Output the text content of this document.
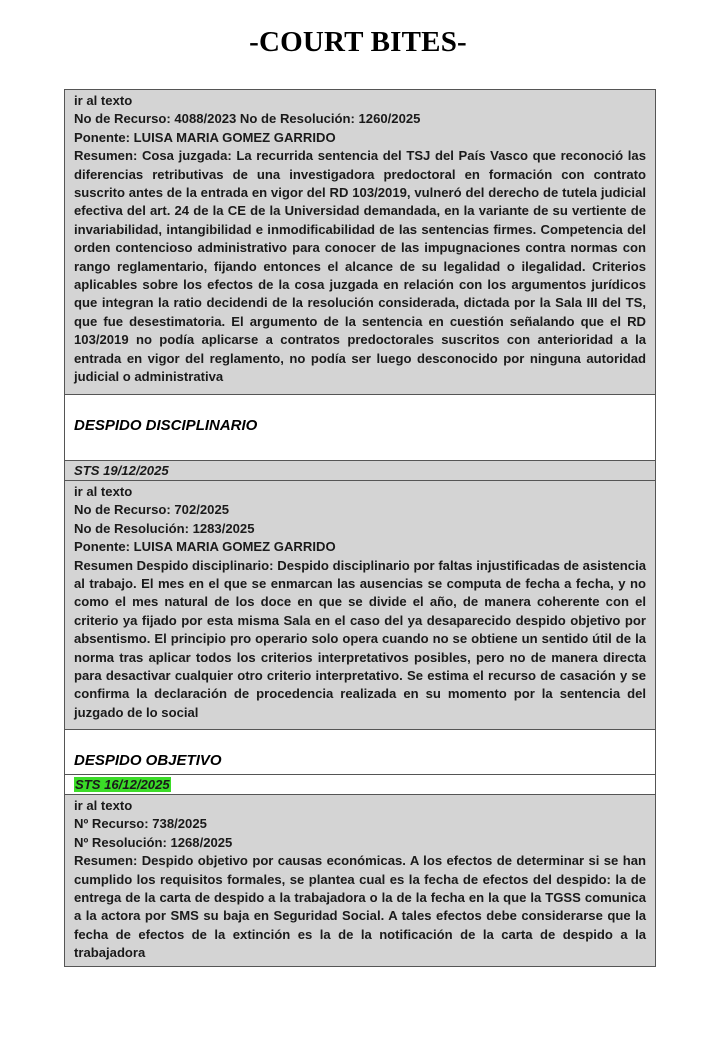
-COURT BITES-
ir al texto
No de Recurso: 4088/2023 No de Resolución: 1260/2025
Ponente: LUISA MARIA GOMEZ GARRIDO
Resumen: Cosa juzgada: La recurrida sentencia del TSJ del País Vasco que reconoció las diferencias retributivas de una investigadora predoctoral en formación con contrato suscrito antes de la entrada en vigor del RD 103/2019, vulneró del derecho de tutela judicial efectiva del art. 24 de la CE de la Universidad demandada, en la variante de su vertiente de invariabilidad, intangibilidad e inmodificabilidad de las sentencias firmes. Competencia del orden contencioso administrativo para conocer de las impugnaciones contra normas con rango reglamentario, fijando entonces el alcance de su legalidad o ilegalidad. Criterios aplicables sobre los efectos de la cosa juzgada en relación con los argumentos jurídicos que integran la ratio decidendi de la resolución considerada, dictada por la Sala III del TS, que fue desestimatoria. El argumento de la sentencia en cuestión señalando que el RD 103/2019 no podía aplicarse a contratos predoctorales suscritos con anterioridad a la entrada en vigor del reglamento, no podía ser luego desconocido por ninguna autoridad judicial o administrativa
DESPIDO DISCIPLINARIO
STS 19/12/2025
ir al texto
No de Recurso: 702/2025
No de Resolución: 1283/2025
Ponente: LUISA MARIA GOMEZ GARRIDO
Resumen Despido disciplinario: Despido disciplinario por faltas injustificadas de asistencia al trabajo. El mes en el que se enmarcan las ausencias se computa de fecha a fecha, y no como el mes natural de los doce en que se divide el año, de manera coherente con el criterio ya fijado por esta misma Sala en el caso del ya desaparecido despido objetivo por absentismo. El principio pro operario solo opera cuando no se obtiene un sentido útil de la norma tras aplicar todos los criterios interpretativos posibles, pero no de manera directa para desactivar cualquier otro criterio interpretativo. Se estima el recurso de casación y se confirma la declaración de procedencia realizada en su momento por la sentencia del juzgado de lo social
DESPIDO OBJETIVO
STS 16/12/2025
ir al texto
Nº Recurso: 738/2025
Nº Resolución: 1268/2025
Resumen: Despido objetivo por causas económicas. A los efectos de determinar si se han cumplido los requisitos formales, se plantea cual es la fecha de efectos del despido: la de entrega de la carta de despido a la trabajadora o la de la fecha en la que la TGSS comunica a la actora por SMS su baja en Seguridad Social. A tales efectos debe considerarse que la fecha de efectos de la extinción es la de la notificación de la carta de despido a la trabajadora
